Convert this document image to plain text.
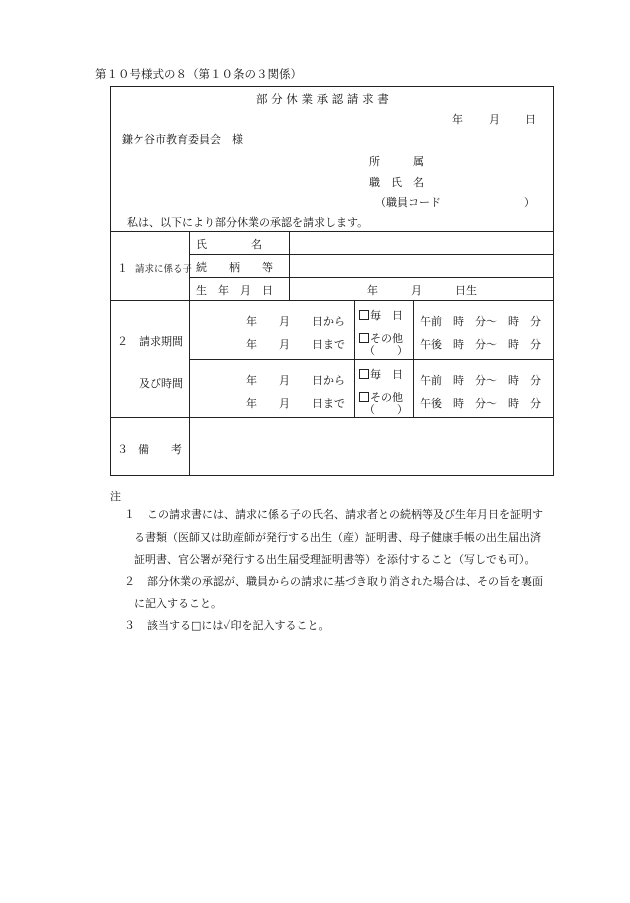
第１０号様式の８（第１０条の３関係）
部 分 休 業 承 認 請 求 書
年 月 日
鎌ケ谷市教育委員会　様
所　　　属
職　氏　名
（職員コード	）
私は、以下により部分休業の承認を請求します。
１ 請求に係る子
氏　　　　名
続　　柄　　等
生　年　月　日	年　　　月　　　日生
２ 請求期間
及び時間
年　　月　　日から
年　　月　　日まで
毎　日
その他
（　　）
午前　時　分～　時　分
午後　時　分～　時　分
年　　月　　日から
年　　月　　日まで
毎　日
その他
（　　）
午前　時　分～　時　分
午後　時　分～　時　分
３ 備　　考
注
１ この請求書には、請求に係る子の氏名、請求者との続柄等及び生年月日を証明す
る書類（医師又は助産師が発行する出生（産）証明書、母子健康手帳の出生届出済
証明書、官公署が発行する出生届受理証明書等）を添付すること（写しでも可）。
２ 部分休業の承認が、職員からの請求に基づき取り消された場合は、その旨を裏面
に記入すること。
３ 該当する□には✓印を記入すること。
